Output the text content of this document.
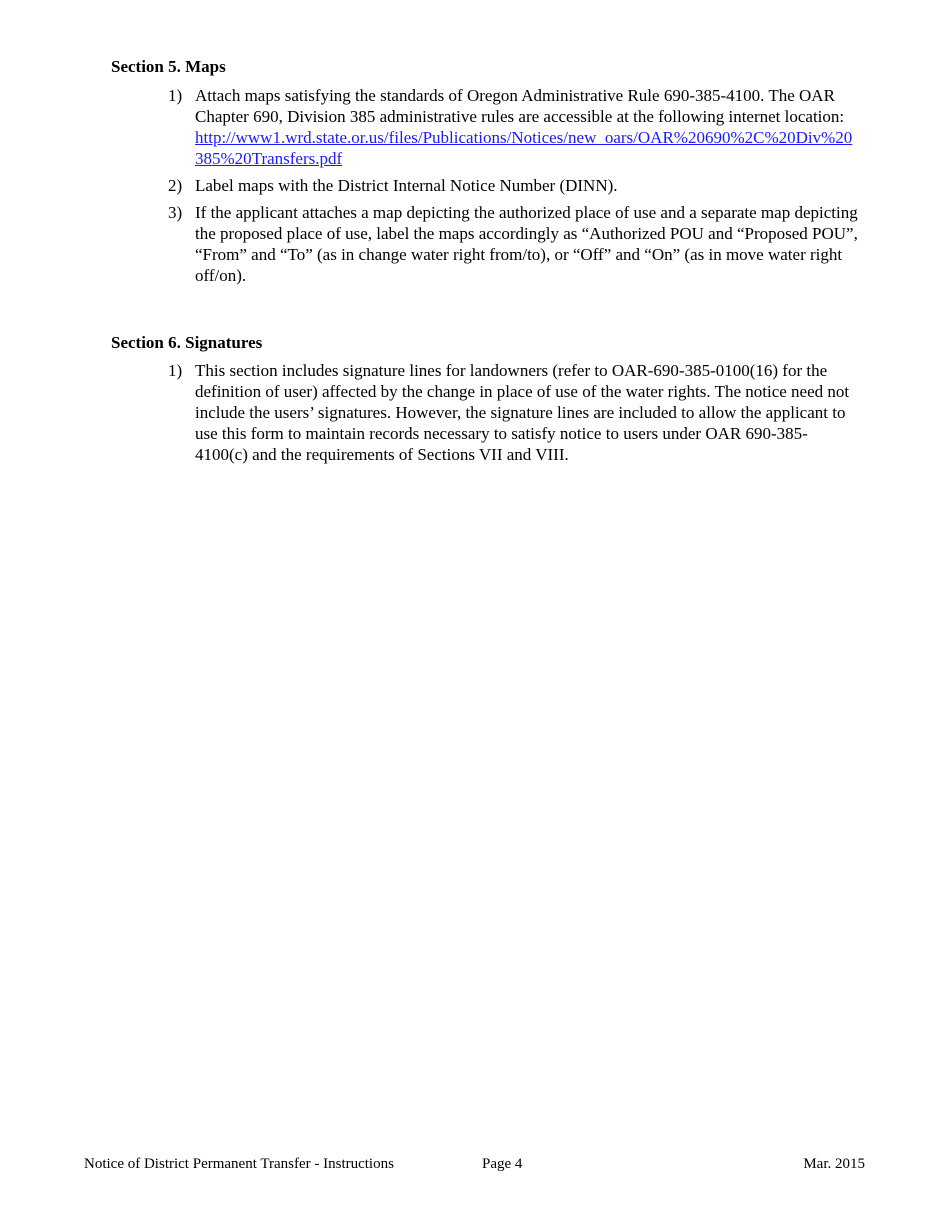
Section 5. Maps
1) Attach maps satisfying the standards of Oregon Administrative Rule 690-385-4100. The OAR Chapter 690, Division 385 administrative rules are accessible at the following internet location:
http://www1.wrd.state.or.us/files/Publications/Notices/new_oars/OAR%20690%2C%20Div%20385%20Transfers.pdf
2) Label maps with the District Internal Notice Number (DINN).
3) If the applicant attaches a map depicting the authorized place of use and a separate map depicting the proposed place of use, label the maps accordingly as “Authorized POU and “Proposed POU”, “From” and “To” (as in change water right from/to), or “Off” and “On” (as in move water right off/on).
Section 6. Signatures
1) This section includes signature lines for landowners (refer to OAR-690-385-0100(16) for the definition of user) affected by the change in place of use of the water rights. The notice need not include the users’ signatures. However, the signature lines are included to allow the applicant to use this form to maintain records necessary to satisfy notice to users under OAR 690-385-4100(c) and the requirements of Sections VII and VIII.
Notice of District Permanent Transfer - Instructions	Page 4	Mar. 2015
